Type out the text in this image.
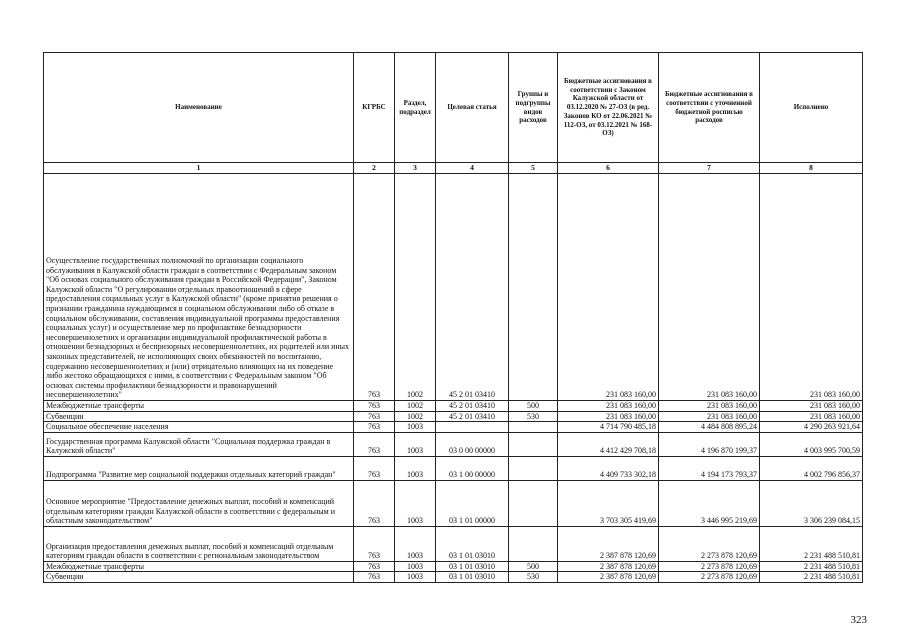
Наименование	КГРБС	Раздел, подраздел	Целевая статья	Группы и подгруппы видов расходов	Бюджетные ассигнования в соответствии с Законом Калужской области от 03.12.2020 № 27-ОЗ (в ред. Законов КО от 22.06.2021 № 112-ОЗ, от 03.12.2021 № 168-ОЗ)	Бюджетные ассигнования в соответствии с уточненной бюджетной росписью расходов	Исполнено
1	2	3	4	5	6	7	8
Осуществление государственных полномочий по организации социального обслуживания в Калужской области граждан в соответствии с Федеральным законом "Об основах социального обслуживания граждан в Российской Федерации", Законом Калужской области "О регулировании отдельных правоотношений в сфере предоставления социальных услуг в Калужской области" (кроме принятия решения о признании гражданина нуждающимся в социальном обслуживании либо об отказе в социальном обслуживании, составления индивидуальной программы предоставления социальных услуг) и осуществление мер по профилактике безнадзорности несовершеннолетних и организации индивидуальной профилактической работы в отношении безнадзорных и беспризорных несовершеннолетних, их родителей или иных законных представителей, не исполняющих своих обязанностей по воспитанию, содержанию несовершеннолетних и (или) отрицательно влияющих на их поведение либо жестоко обращающихся с ними, в соответствии с Федеральным законом "Об основах системы профилактики безнадзорности и правонарушений несовершеннолетних"	763	1002	45 2 01 03410		231 083 160,00	231 083 160,00	231 083 160,00
Межбюджетные трансферты	763	1002	45 2 01 03410	500	231 083 160,00	231 083 160,00	231 083 160,00
Субвенции	763	1002	45 2 01 03410	530	231 083 160,00	231 083 160,00	231 083 160,00
Социальное обеспечение населения	763	1003			4 714 790 485,18	4 484 808 895,24	4 290 263 921,64
Государственная программа Калужской области "Социальная поддержка граждан в Калужской области"	763	1003	03 0 00 00000		4 412 429 708,18	4 196 870 199,37	4 003 995 700,59
Подпрограмма "Развитие мер социальной поддержки отдельных категорий граждан"	763	1003	03 1 00 00000		4 409 733 302,18	4 194 173 793,37	4 002 796 856,37
Основное мероприятие "Предоставление денежных выплат, пособий и компенсаций отдельным категориям граждан Калужской области в соответствии с федеральным и областным законодательством"	763	1003	03 1 01 00000		3 703 305 419,69	3 446 995 219,69	3 306 239 084,15
Организация предоставления денежных выплат, пособий и компенсаций отдельным категориям граждан области в соответствии с региональным законодательством	763	1003	03 1 01 03010		2 387 878 120,69	2 273 878 120,69	2 231 488 510,81
Межбюджетные трансферты	763	1003	03 1 01 03010	500	2 387 878 120,69	2 273 878 120,69	2 231 488 510,81
Субвенции	763	1003	03 1 01 03010	530	2 387 878 120,69	2 273 878 120,69	2 231 488 510,81
323
